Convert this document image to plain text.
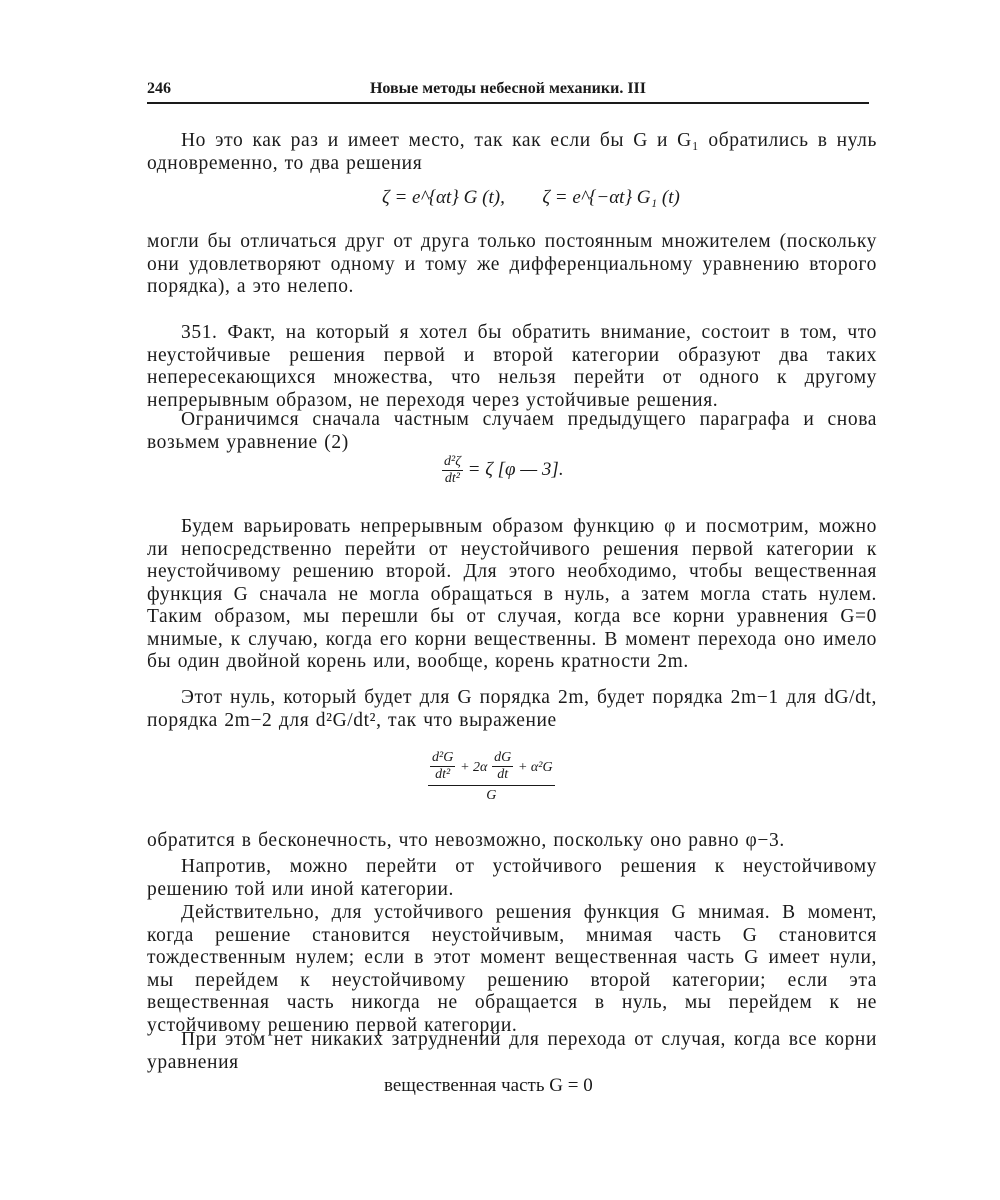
246	Новые методы небесной механики. III
Но это как раз и имеет место, так как если бы G и G₁ обратились в нуль одновременно, то два решения
ζ = e^{αt} G (t), ζ = e^{−αt} G₁ (t)
могли бы отличаться друг от друга только постоянным множителем (поскольку они удовлетворяют одному и тому же дифференциальному уравнению второго порядка), а это нелепо.
351. Факт, на который я хотел бы обратить внимание, состоит в том, что неустойчивые решения первой и второй категории образуют два таких непересекающихся множества, что нельзя перейти от одного к другому непрерывным образом, не переходя через устойчивые решения.
Ограничимся сначала частным случаем предыдущего параграфа и снова возьмем уравнение (2)
$\frac{\text{d²ζ}}{\text{dt²}} = \zeta$ [φ — 3].
Будем варьировать непрерывным образом функцию φ и посмотрим, можно ли непосредственно перейти от неустойчивого решения первой категории к неустойчивому решению второй. Для этого необходимо, чтобы вещественная функция G сначала не могла обращаться в нуль, а затем могла стать нулем. Таким образом, мы перешли бы от случая, когда все корни уравнения G=0 мнимые, к случаю, когда его корни вещественны. В момент перехода оно имело бы один двойной корень или, вообще, корень кратности 2m.
Этот нуль, который будет для G порядка 2m, будет порядка 2m−1 для dG/dt, порядка 2m−2 для d²G/dt², так что выражение
$\frac{\text{d²G}}{\text{dt²}} + 2\alpha \frac{dG}{dt} + \alpha^2G$
G
обратится в бесконечность, что невозможно, поскольку оно равно φ−3.
Напротив, можно перейти от устойчивого решения к неустойчивому решению той или иной категории.
Действительно, для устойчивого решения функция G мнимая. В момент, когда решение становится неустойчивым, мнимая часть G становится тождественным нулем; если в этот момент вещественная часть G имеет нули, мы перейдем к неустойчивому решению второй категории; если эта вещественная часть никогда не обращается в нуль, мы перейдем к не устойчивому решению первой категории.
При этом нет никаких затруднений для перехода от случая, когда все корни уравнения
вещественная часть G = 0
